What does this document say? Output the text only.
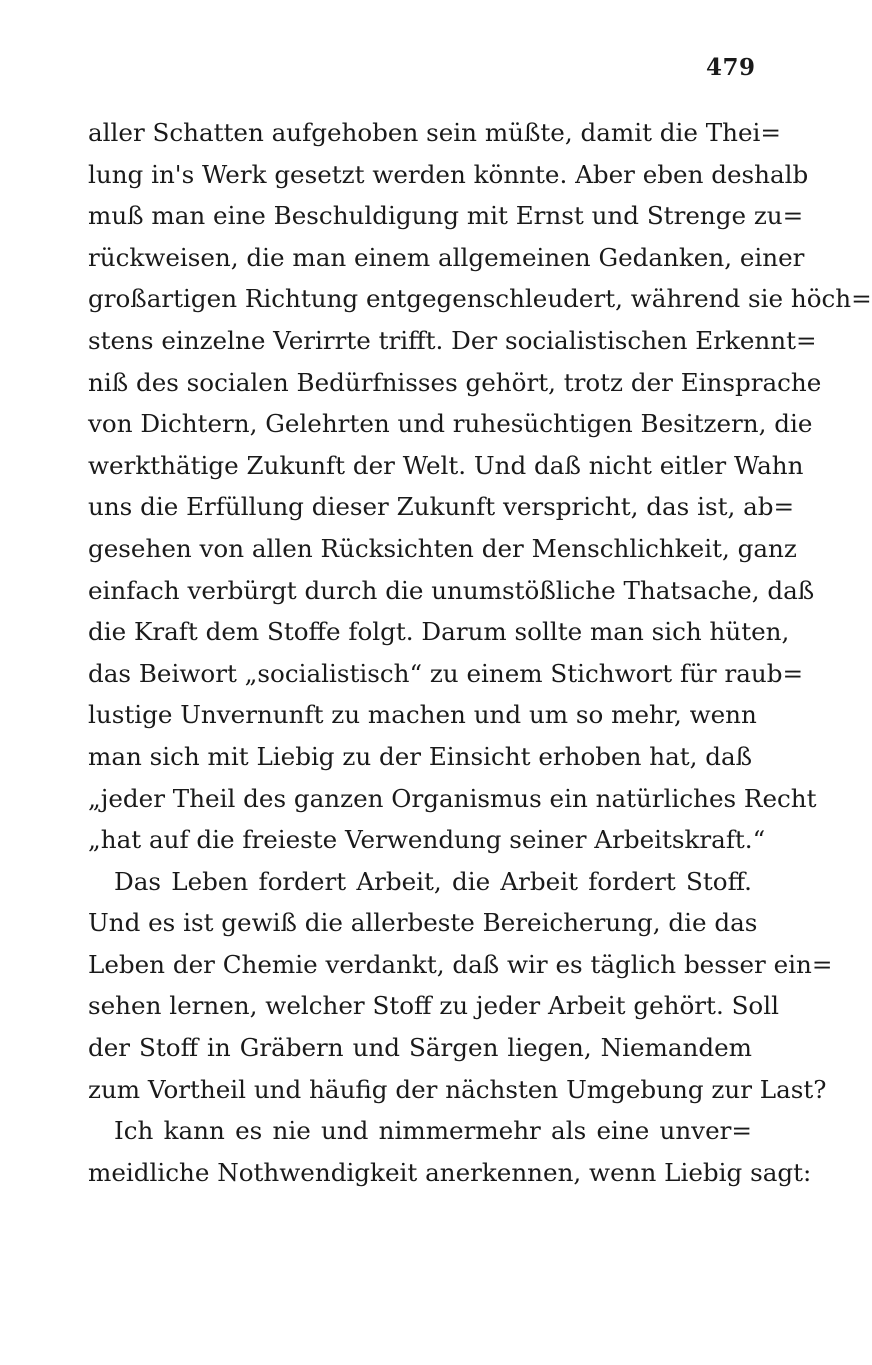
479
aller Schatten aufgehoben sein müßte, damit die Thei=
lung in's Werk gesetzt werden könnte. Aber eben deshalb
muß man eine Beschuldigung mit Ernst und Strenge zu=
rückweisen, die man einem allgemeinen Gedanken, einer
großartigen Richtung entgegenschleudert, während sie höch=
stens einzelne Verirrte trifft. Der socialistischen Erkennt=
niß des socialen Bedürfnisses gehört, trotz der Einsprache
von Dichtern, Gelehrten und ruhesüchtigen Besitzern, die
werkthätige Zukunft der Welt. Und daß nicht eitler Wahn
uns die Erfüllung dieser Zukunft verspricht, das ist, ab=
gesehen von allen Rücksichten der Menschlichkeit, ganz
einfach verbürgt durch die unumstößliche Thatsache, daß
die Kraft dem Stoffe folgt. Darum sollte man sich hüten,
das Beiwort „socialistisch“ zu einem Stichwort für raub=
lustige Unvernunft zu machen und um so mehr, wenn
man sich mit Liebig zu der Einsicht erhoben hat, daß
„jeder Theil des ganzen Organismus ein natürliches Recht
„hat auf die freieste Verwendung seiner Arbeitskraft.“
Das Leben fordert Arbeit, die Arbeit fordert Stoff.
Und es ist gewiß die allerbeste Bereicherung, die das
Leben der Chemie verdankt, daß wir es täglich besser ein=
sehen lernen, welcher Stoff zu jeder Arbeit gehört. Soll
der Stoff in Gräbern und Särgen liegen, Niemandem
zum Vortheil und häufig der nächsten Umgebung zur Last?
Ich kann es nie und nimmermehr als eine unver=
meidliche Nothwendigkeit anerkennen, wenn Liebig sagt:
